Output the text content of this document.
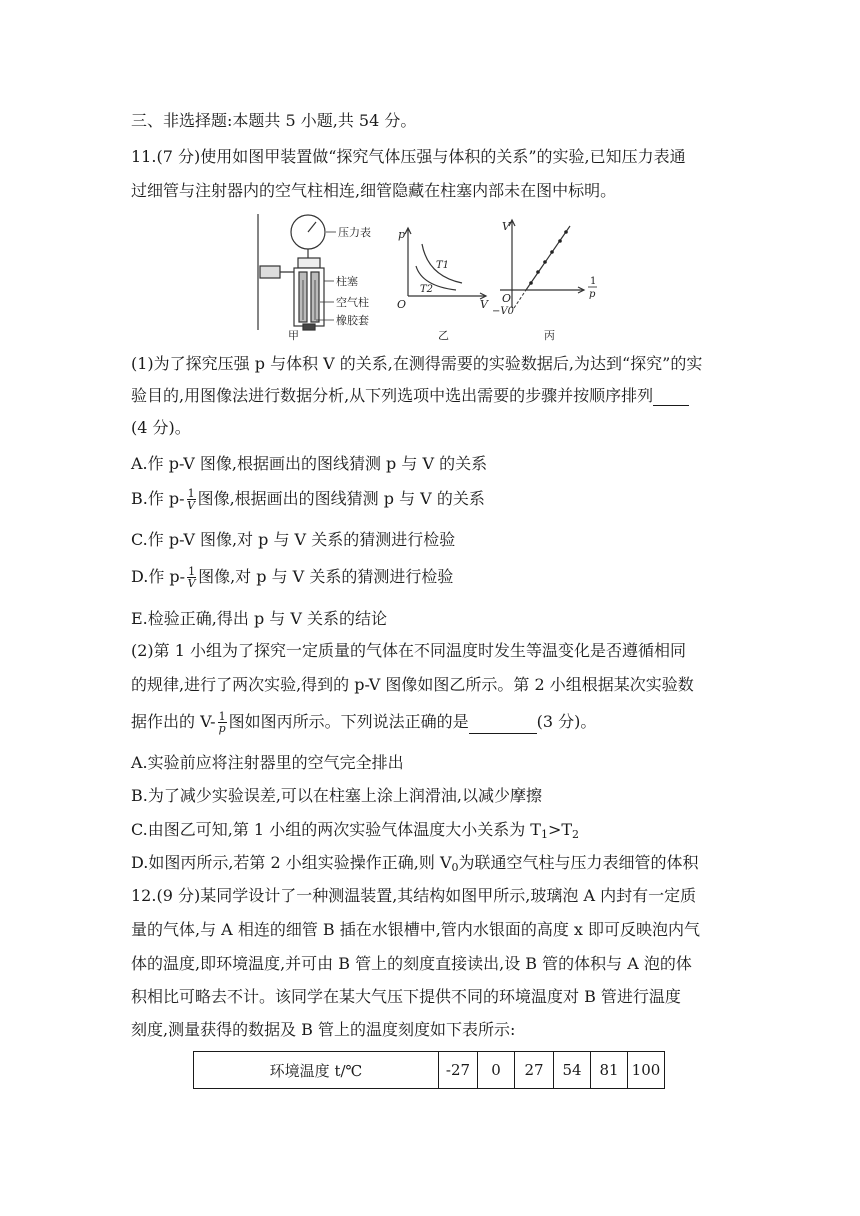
三、非选择题:本题共 5 小题,共 54 分。
11.(7 分)使用如图甲装置做“探究气体压强与体积的关系”的实验,已知压力表通
过细管与注射器内的空气柱相连,细管隐藏在柱塞内部未在图中标明。
压力表
柱塞
空气柱
橡胶套
甲
p
V
O
T1
T2
乙
V
1
p
O
−V0
丙
(1)为了探究压强 p 与体积 V 的关系,在测得需要的实验数据后,为达到“探究”的实
验目的,用图像法进行数据分析,从下列选项中选出需要的步骤并按顺序排列
(4 分)。
A.作 p-V 图像,根据画出的图线猜测 p 与 V 的关系
B.作 $p- \frac{1}{V}$ 图像,根据画出的图线猜测 p 与 V 的关系
C.作 p-V 图像,对 p 与 V 关系的猜测进行检验
D.作 $p- \frac{1}{V}$ 图像,对 p 与 V 关系的猜测进行检验
E.检验正确,得出 p 与 V 关系的结论
(2)第 1 小组为了探究一定质量的气体在不同温度时发生等温变化是否遵循相同
的规律,进行了两次实验,得到的 p-V 图像如图乙所示。第 2 小组根据某次实验数
据作出的 $V- \frac{1}{p}$ 图如图丙所示。下列说法正确的是	(3 分)。
A.实验前应将注射器里的空气完全排出
B.为了减少实验误差,可以在柱塞上涂上润滑油,以减少摩擦
C.由图乙可知,第 1 小组的两次实验气体温度大小关系为 $T_1>T_2$
D.如图丙所示,若第 2 小组实验操作正确,则 $V_0$为联通空气柱与压力表细管的体积
12.(9 分)某同学设计了一种测温装置,其结构如图甲所示,玻璃泡 A 内封有一定质
量的气体,与 A 相连的细管 B 插在水银槽中,管内水银面的高度 x 即可反映泡内气
体的温度,即环境温度,并可由 B 管上的刻度直接读出,设 B 管的体积与 A 泡的体
积相比可略去不计。该同学在某大气压下提供不同的环境温度对 B 管进行温度
刻度,测量获得的数据及 B 管上的温度刻度如下表所示:
环境温度 t/℃	-27	0	27	54	81	100
